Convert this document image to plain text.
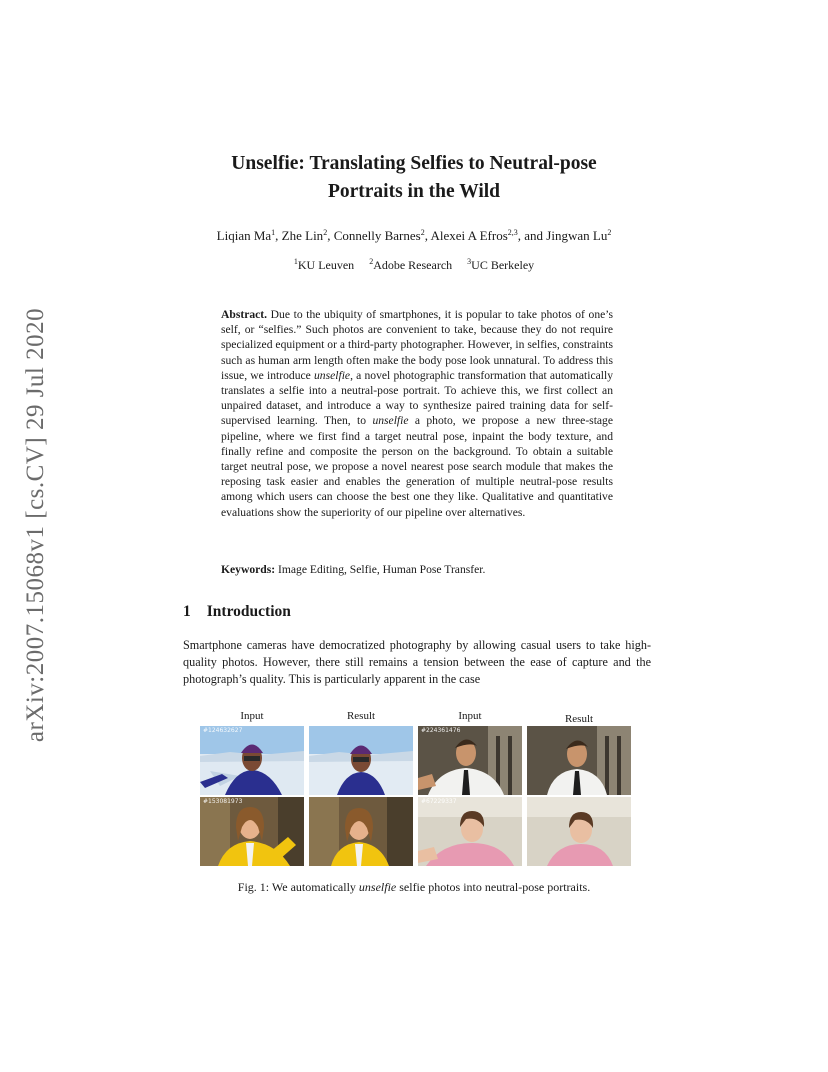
arXiv:2007.15068v1 [cs.CV] 29 Jul 2020
Unselfie: Translating Selfies to Neutral-pose
Portraits in the Wild
Liqian Ma$^1$, Zhe Lin$^2$, Connelly Barnes$^2$, Alexei A Efros$^{2,3}$, and Jingwan Lu$^2$
$^1$KU Leuven $^2$Adobe Research $^3$UC Berkeley
Abstract. Due to the ubiquity of smartphones, it is popular to take photos of one’s self, or “selfies.” Such photos are convenient to take, because they do not require specialized equipment or a third-party photographer. However, in selfies, constraints such as human arm length often make the body pose look unnatural. To address this issue, we introduce unselfie, a novel photographic transformation that automatically translates a selfie into a neutral-pose portrait. To achieve this, we first collect an unpaired dataset, and introduce a way to synthesize paired training data for self-supervised learning. Then, to unselfie a photo, we propose a new three-stage pipeline, where we first find a target neutral pose, inpaint the body texture, and finally refine and composite the person on the background. To obtain a suitable target neutral pose, we propose a novel nearest pose search module that makes the reposing task easier and enables the generation of multiple neutral-pose results among which users can choose the best one they like. Qualitative and quantitative evaluations show the superiority of our pipeline over alternatives.
Keywords: Image Editing, Selfie, Human Pose Transfer.
1 Introduction
Smartphone cameras have democratized photography by allowing casual users to take high-quality photos. However, there still remains a tension between the ease of capture and the photograph’s quality. This is particularly apparent in the case
Input	Result	Input	Result
#124632627	#224361476
#153081973	#67229337
Fig. 1: We automatically unselfie selfie photos into neutral-pose portraits.
